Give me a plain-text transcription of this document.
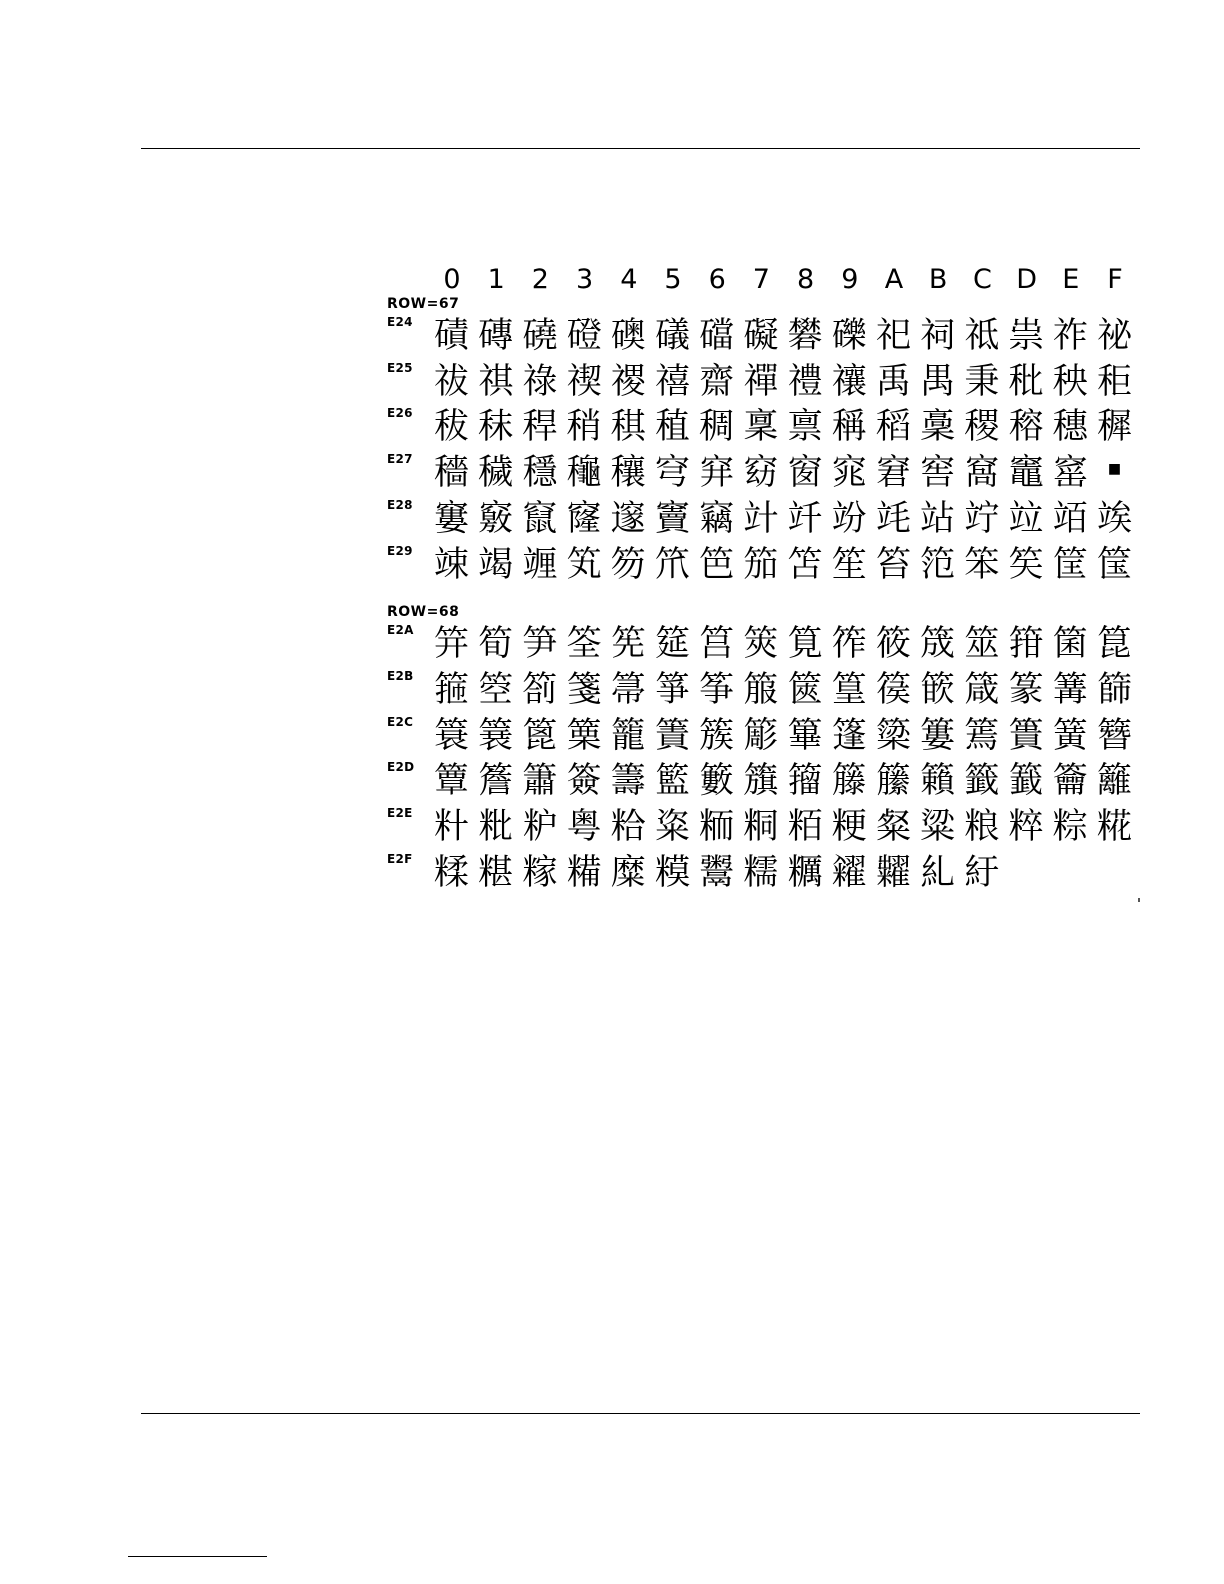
0	1	2	3	4	5	6	7	8	9 A B C D E	F
ROW=67
E24 磧 磚 磽 磴 礇 礒 礑 礙 礬 礫 祀 祠 祗 祟 祚 祕
E25 祓 祺 祿 禊 禝 禧 齋 禪 禮 禳 禹 禺 秉 秕 秧 秬
E26 秡 秣 稈 稍 稘 稙 稠 稟 禀 稱 稻 稾 稷 穃 穗 穉
E27 穡 穢 穩 龝 穰 穹 穽 窈 窗 窕 窘 窖 窩 竈 窰	■
E28 窶 竅 竄 窿 邃 竇 竊 竍 竏 竕 竓 站 竚 竝 竡 竢
E29 竦 竭 竰 笂 笏 笊 笆 笳 笘 笙 笞 笵 笨 笶 筐 筺
ROW=68
E2A 笄 筍 笋 筌 筅 筵 筥 筴 筧 筰 筱 筬 筮 箝 箘 箟
E2B 箍 箜 箚 箋 箒 箏 筝 箙 篋 篁 篌 篏 箴 篆 篝 篩
E2C 簑 簔 篦 篥 籠 簀 簇 簓 篳 篷 簗 簍 篶 簣 簧 簪
E2D 簟 簷 簫 簽 籌 籃 籔 籏 籀 籐 籘 籟 籤 籖 籥 籬
E2E 籵 粃 粐 粤 粭 粢 粫 粡 粨 粳 粲 粱 粮 粹 粽 糀
E2F 糅 糂 糘 糒 糜 糢 鬻 糯 糲 糴 糶 糺 紆
